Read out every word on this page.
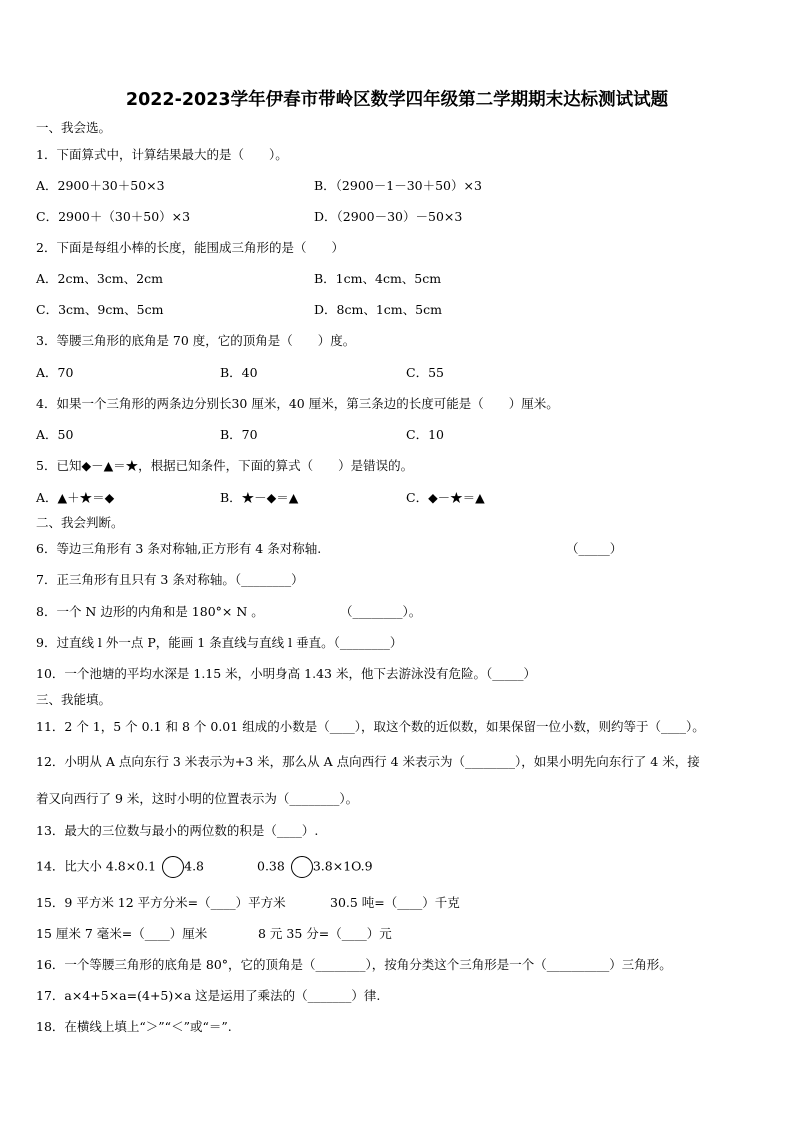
2022-2023学年伊春市带岭区数学四年级第二学期期末达标测试试题
一、我会选。
1．下面算式中，计算结果最大的是（　　）。
A．2900＋30＋50×3	B．（2900－1－30＋50）×3
C．2900＋（30＋50）×3	D．（2900－30）－50×3
2．下面是每组小棒的长度，能围成三角形的是（　　）
A．2cm、3cm、2cm	B．1cm、4cm、5cm
C．3cm、9cm、5cm	D．8cm、1cm、5cm
3．等腰三角形的底角是 70 度，它的顶角是（　　）度。
A．70	B．40	C．55
4．如果一个三角形的两条边分别长30 厘米，40 厘米，第三条边的长度可能是（　　）厘米。
A．50	B．70	C．10
5．已知◆－▲＝★，根据已知条件，下面的算式（　　）是错误的。
A．▲＋★＝◆	B．★－◆＝▲	C．◆－★＝▲
二、我会判断。
6．等边三角形有 3 条对称轴,正方形有 4 条对称轴.	（_____）
7．正三角形有且只有 3 条对称轴。（________）
8．一个 N 边形的内角和是 180°× N 。	（________）。
9．过直线 l 外一点 P，能画 1 条直线与直线 l 垂直。（________）
10．一个池塘的平均水深是 1.15 米，小明身高 1.43 米，他下去游泳没有危险。（_____）
三、我能填。
11．2 个 1，5 个 0.1 和 8 个 0.01 组成的小数是（____），取这个数的近似数，如果保留一位小数，则约等于（____）。
12．小明从 A 点向东行 3 米表示为+3 米，那么从 A 点向西行 4 米表示为（________），如果小明先向东行了 4 米，接
着又向西行了 9 米，这时小明的位置表示为（________）。
13．最大的三位数与最小的两位数的积是（____）.
14．比大小 4.8×0.1 4.8	0.38 3.8×1O.9
15．9 平方米 12 平方分米=（____）平方米	30.5 吨=（____）千克
15 厘米 7 毫米=（____）厘米	8 元 35 分=（____）元
16．一个等腰三角形的底角是 80°，它的顶角是（________），按角分类这个三角形是一个（__________）三角形。
17．a×4+5×a=(4+5)×a 这是运用了乘法的（_______）律.
18．在横线上填上“＞”“＜”或“＝”.
